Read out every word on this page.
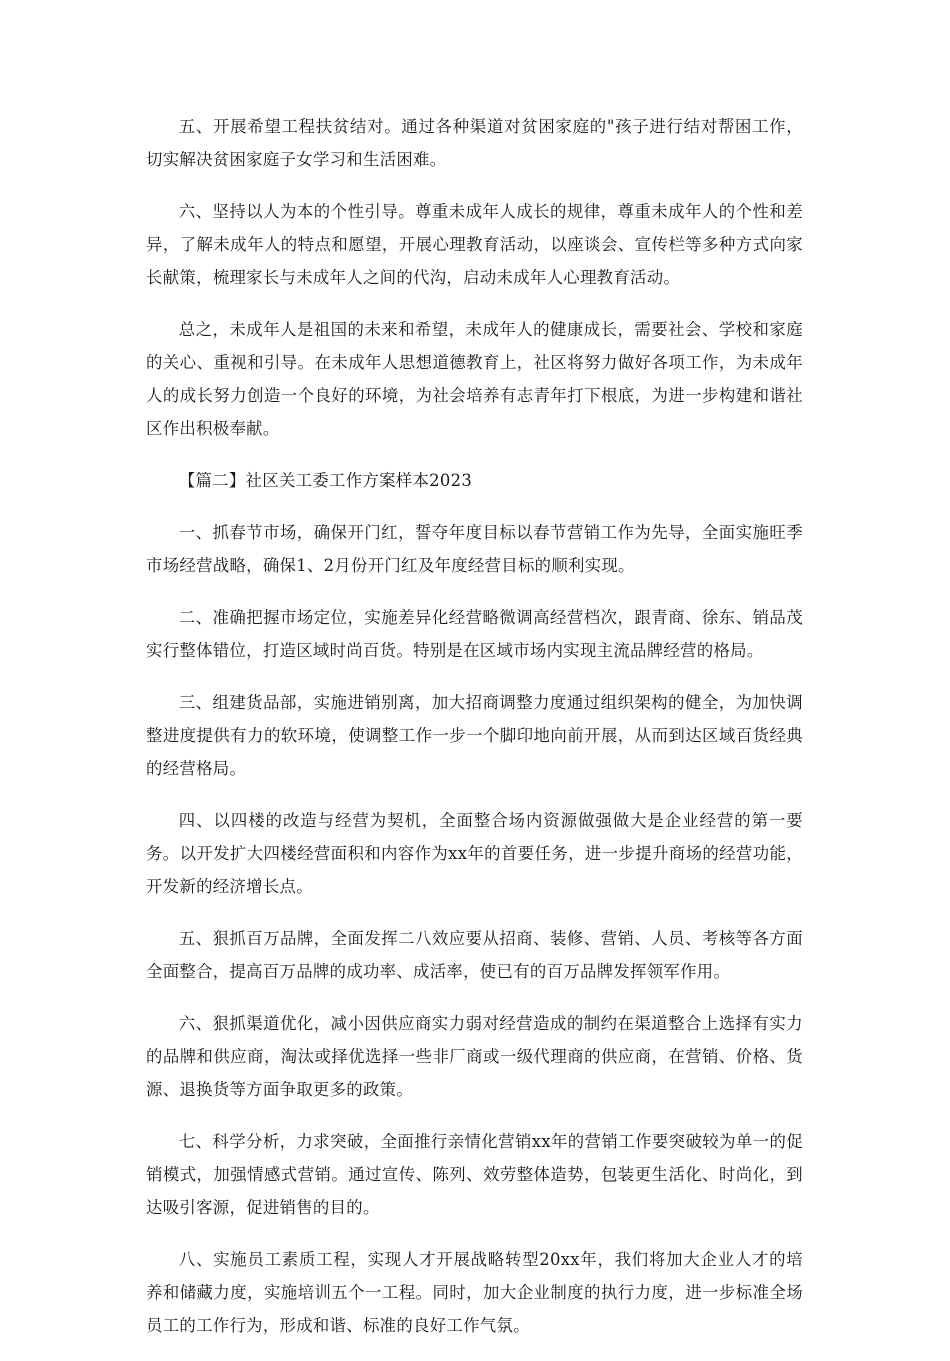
五、开展希望工程扶贫结对。通过各种渠道对贫困家庭的"孩子进行结对帮困工作，切实解决贫困家庭子女学习和生活困难。

六、坚持以人为本的个性引导。尊重未成年人成长的规律，尊重未成年人的个性和差异，了解未成年人的特点和愿望，开展心理教育活动，以座谈会、宣传栏等多种方式向家长献策，梳理家长与未成年人之间的代沟，启动未成年人心理教育活动。

总之，未成年人是祖国的未来和希望，未成年人的健康成长，需要社会、学校和家庭的关心、重视和引导。在未成年人思想道德教育上，社区将努力做好各项工作，为未成年人的成长努力创造一个良好的环境，为社会培养有志青年打下根底，为进一步构建和谐社区作出积极奉献。

【篇二】社区关工委工作方案样本2023

一、抓春节市场，确保开门红，誓夺年度目标以春节营销工作为先导，全面实施旺季市场经营战略，确保1、2月份开门红及年度经营目标的顺利实现。

二、准确把握市场定位，实施差异化经营略微调高经营档次，跟青商、徐东、销品茂实行整体错位，打造区域时尚百货。特别是在区域市场内实现主流品牌经营的格局。

三、组建货品部，实施进销别离，加大招商调整力度通过组织架构的健全，为加快调整进度提供有力的软环境，使调整工作一步一个脚印地向前开展，从而到达区域百货经典的经营格局。

四、以四楼的改造与经营为契机，全面整合场内资源做强做大是企业经营的第一要务。以开发扩大四楼经营面积和内容作为xx年的首要任务，进一步提升商场的经营功能，开发新的经济增长点。

五、狠抓百万品牌，全面发挥二八效应要从招商、装修、营销、人员、考核等各方面全面整合，提高百万品牌的成功率、成活率，使已有的百万品牌发挥领军作用。

六、狠抓渠道优化，减小因供应商实力弱对经营造成的制约在渠道整合上选择有实力的品牌和供应商，淘汰或择优选择一些非厂商或一级代理商的供应商，在营销、价格、货源、退换货等方面争取更多的政策。

七、科学分析，力求突破，全面推行亲情化营销xx年的营销工作要突破较为单一的促销模式，加强情感式营销。通过宣传、陈列、效劳整体造势，包装更生活化、时尚化，到达吸引客源，促进销售的目的。

八、实施员工素质工程，实现人才开展战略转型20xx年，我们将加大企业人才的培养和储藏力度，实施培训五个一工程。同时，加大企业制度的执行力度，进一步标准全场员工的工作行为，形成和谐、标准的良好工作气氛。
